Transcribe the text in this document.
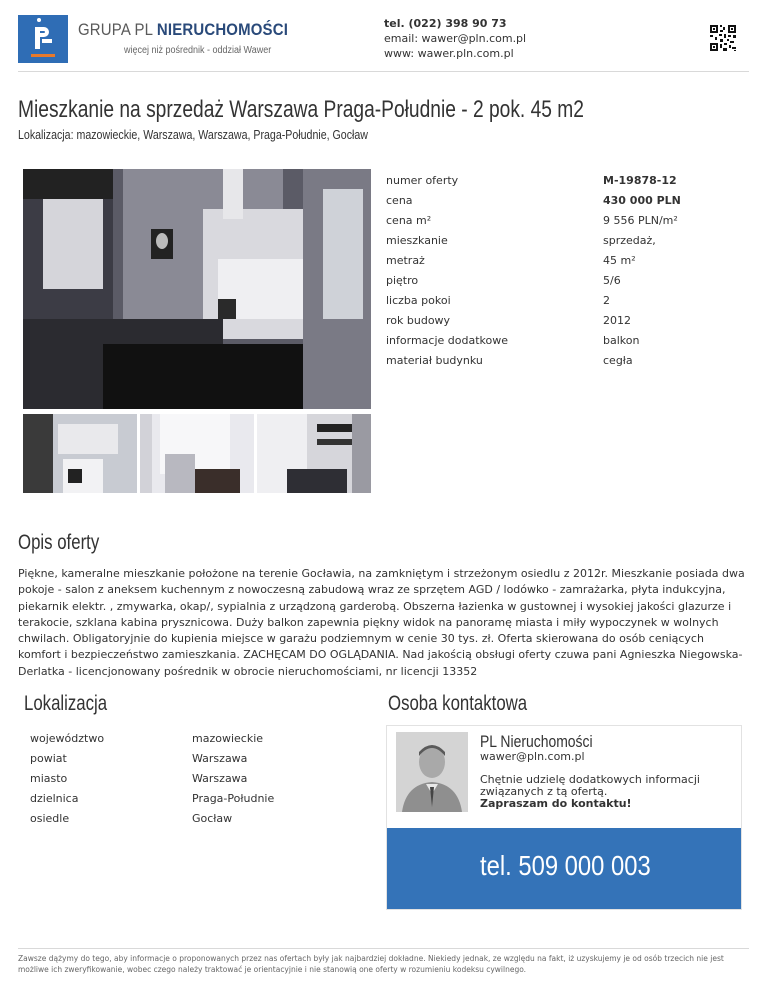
GRUPA PL NIERUCHOMOŚCI
więcej niż pośrednik - oddział Wawer
tel. (022) 398 90 73
email: wawer@pln.com.pl
www: wawer.pln.com.pl
Mieszkanie na sprzedaż Warszawa Praga-Południe - 2 pok. 45 m2
Lokalizacja: mazowieckie, Warszawa, Warszawa, Praga-Południe, Gocław
numer oferty	M-19878-12
cena	430 000 PLN
cena m²	9 556 PLN/m²
mieszkanie	sprzedaż,
metraż	45 m²
piętro	5/6
liczba pokoi	2
rok budowy	2012
informacje dodatkowe	balkon
materiał budynku	cegła
Opis oferty
Piękne, kameralne mieszkanie położone na terenie Gocławia, na zamkniętym i strzeżonym osiedlu z 2012r. Mieszkanie posiada dwa pokoje - salon z aneksem kuchennym z nowoczesną zabudową wraz ze sprzętem AGD / lodówko - zamrażarka, płyta indukcyjna, piekarnik elektr. , zmywarka, okap/, sypialnia z urządzoną garderobą. Obszerna łazienka w gustownej i wysokiej jakości glazurze i terakocie, szklana kabina prysznicowa. Duży balkon zapewnia piękny widok na panoramę miasta i miły wypoczynek w wolnych chwilach. Obligatoryjnie do kupienia miejsce w garażu podziemnym w cenie 30 tys. zł. Oferta skierowana do osób ceniących komfort i bezpieczeństwo zamieszkania. ZACHĘCAM DO OGLĄDANIA. Nad jakością obsługi oferty czuwa pani Agnieszka Niegowska- Derlatka - licencjonowany pośrednik w obrocie nieruchomościami, nr licencji 13352
Lokalizacja
województwo	mazowieckie
powiat	Warszawa
miasto	Warszawa
dzielnica	Praga-Południe
osiedle	Gocław
Osoba kontaktowa
PL Nieruchomości
wawer@pln.com.pl
Chętnie udzielę dodatkowych informacji związanych z tą ofertą.
Zapraszam do kontaktu!
tel. 509 000 003
Zawsze dążymy do tego, aby informacje o proponowanych przez nas ofertach były jak najbardziej dokładne. Niekiedy jednak, ze względu na fakt, iż uzyskujemy je od osób trzecich nie jest możliwe ich zweryfikowanie, wobec czego należy traktować je orientacyjnie i nie stanowią one oferty w rozumieniu kodeksu cywilnego.
